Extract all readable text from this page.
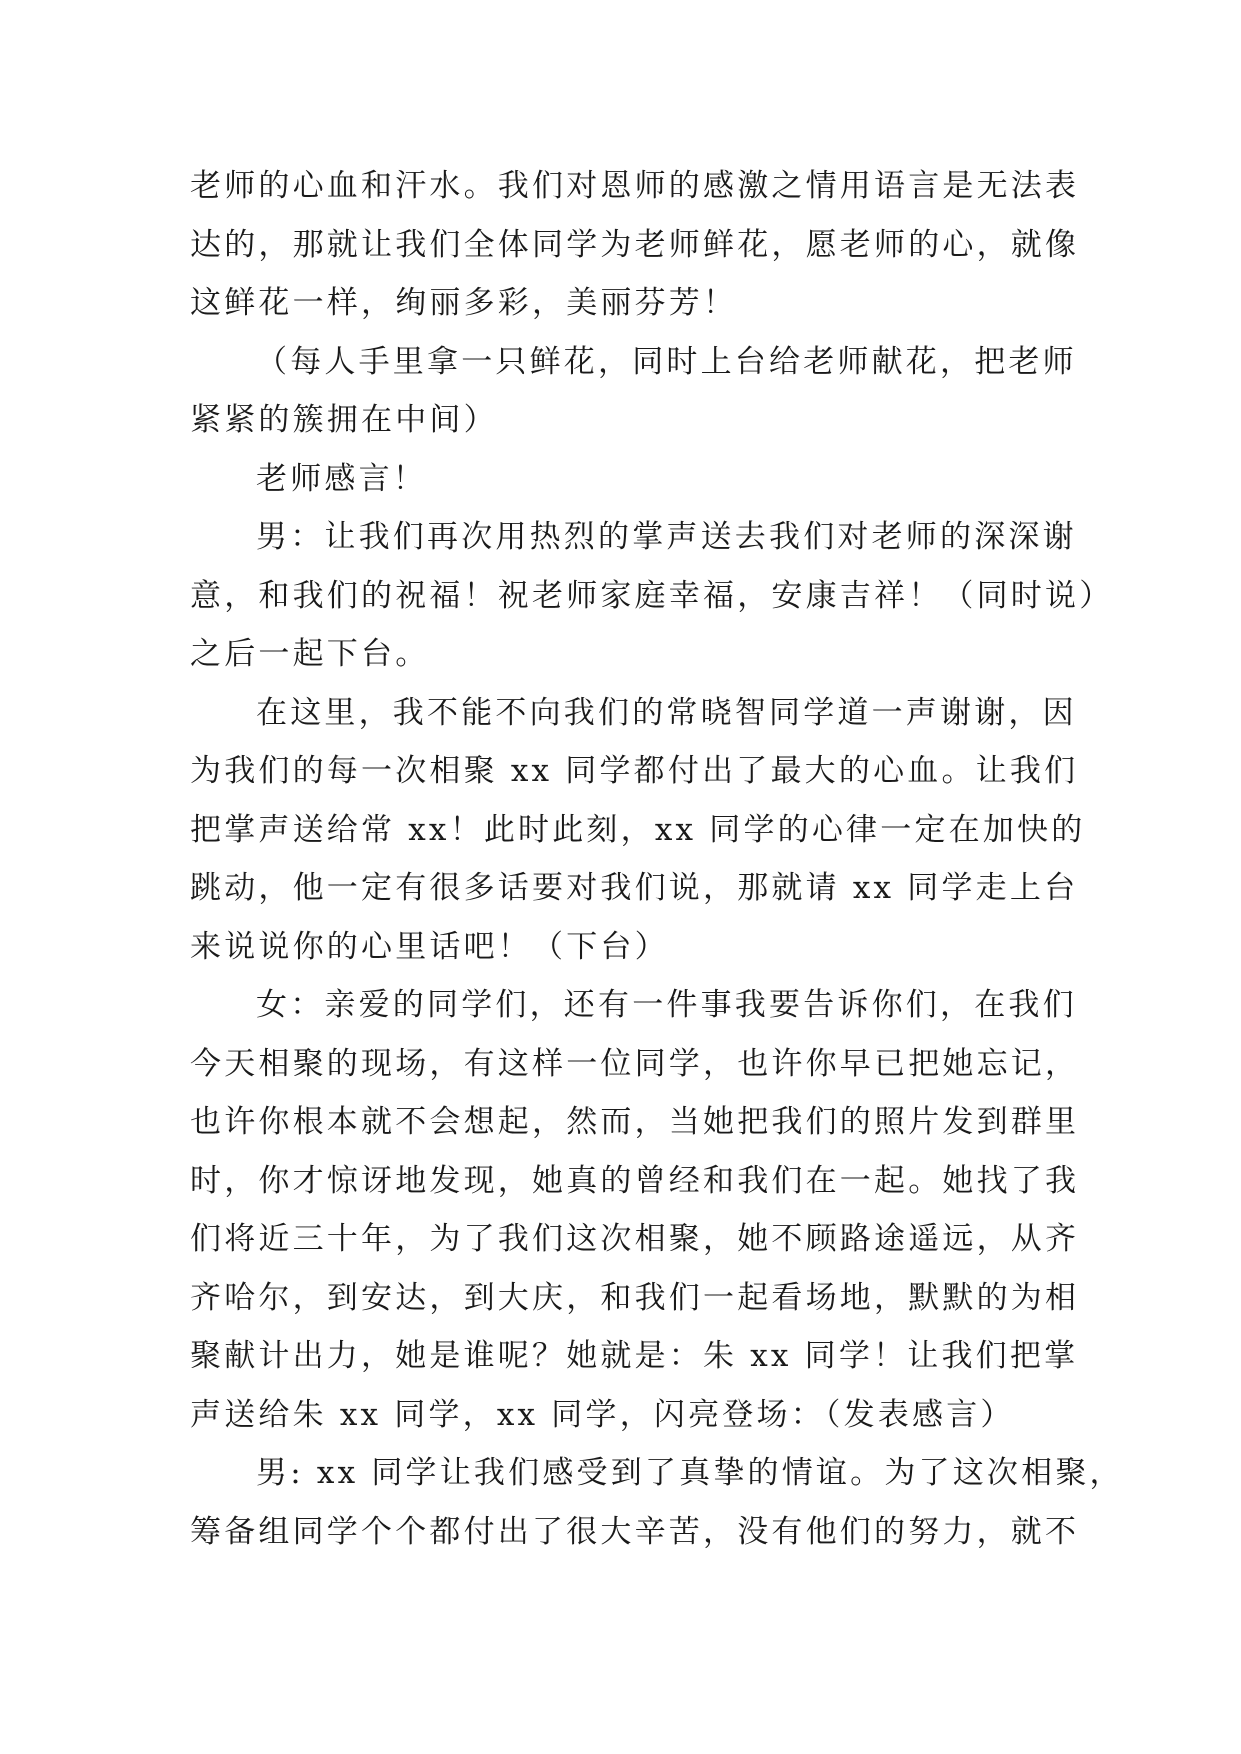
老师的心血和汗水。我们对恩师的感激之情用语言是无法表
达的，那就让我们全体同学为老师鲜花，愿老师的心，就像
这鲜花一样，绚丽多彩，美丽芬芳！
（每人手里拿一只鲜花，同时上台给老师献花，把老师
紧紧的簇拥在中间）
老师感言！
男：让我们再次用热烈的掌声送去我们对老师的深深谢
意，和我们的祝福！祝老师家庭幸福，安康吉祥！（同时说）
之后一起下台。
在这里，我不能不向我们的常晓智同学道一声谢谢，因
为我们的每一次相聚 xx 同学都付出了最大的心血。让我们
把掌声送给常 xx！此时此刻，xx 同学的心律一定在加快的
跳动，他一定有很多话要对我们说，那就请 xx 同学走上台
来说说你的心里话吧！（下台）
女：亲爱的同学们，还有一件事我要告诉你们，在我们
今天相聚的现场，有这样一位同学，也许你早已把她忘记，
也许你根本就不会想起，然而，当她把我们的照片发到群里
时，你才惊讶地发现，她真的曾经和我们在一起。她找了我
们将近三十年，为了我们这次相聚，她不顾路途遥远，从齐
齐哈尔，到安达，到大庆，和我们一起看场地，默默的为相
聚献计出力，她是谁呢？她就是：朱 xx 同学！让我们把掌
声送给朱 xx 同学，xx 同学，闪亮登场：（发表感言）
男: xx 同学让我们感受到了真挚的情谊。为了这次相聚，
筹备组同学个个都付出了很大辛苦，没有他们的努力，就不
